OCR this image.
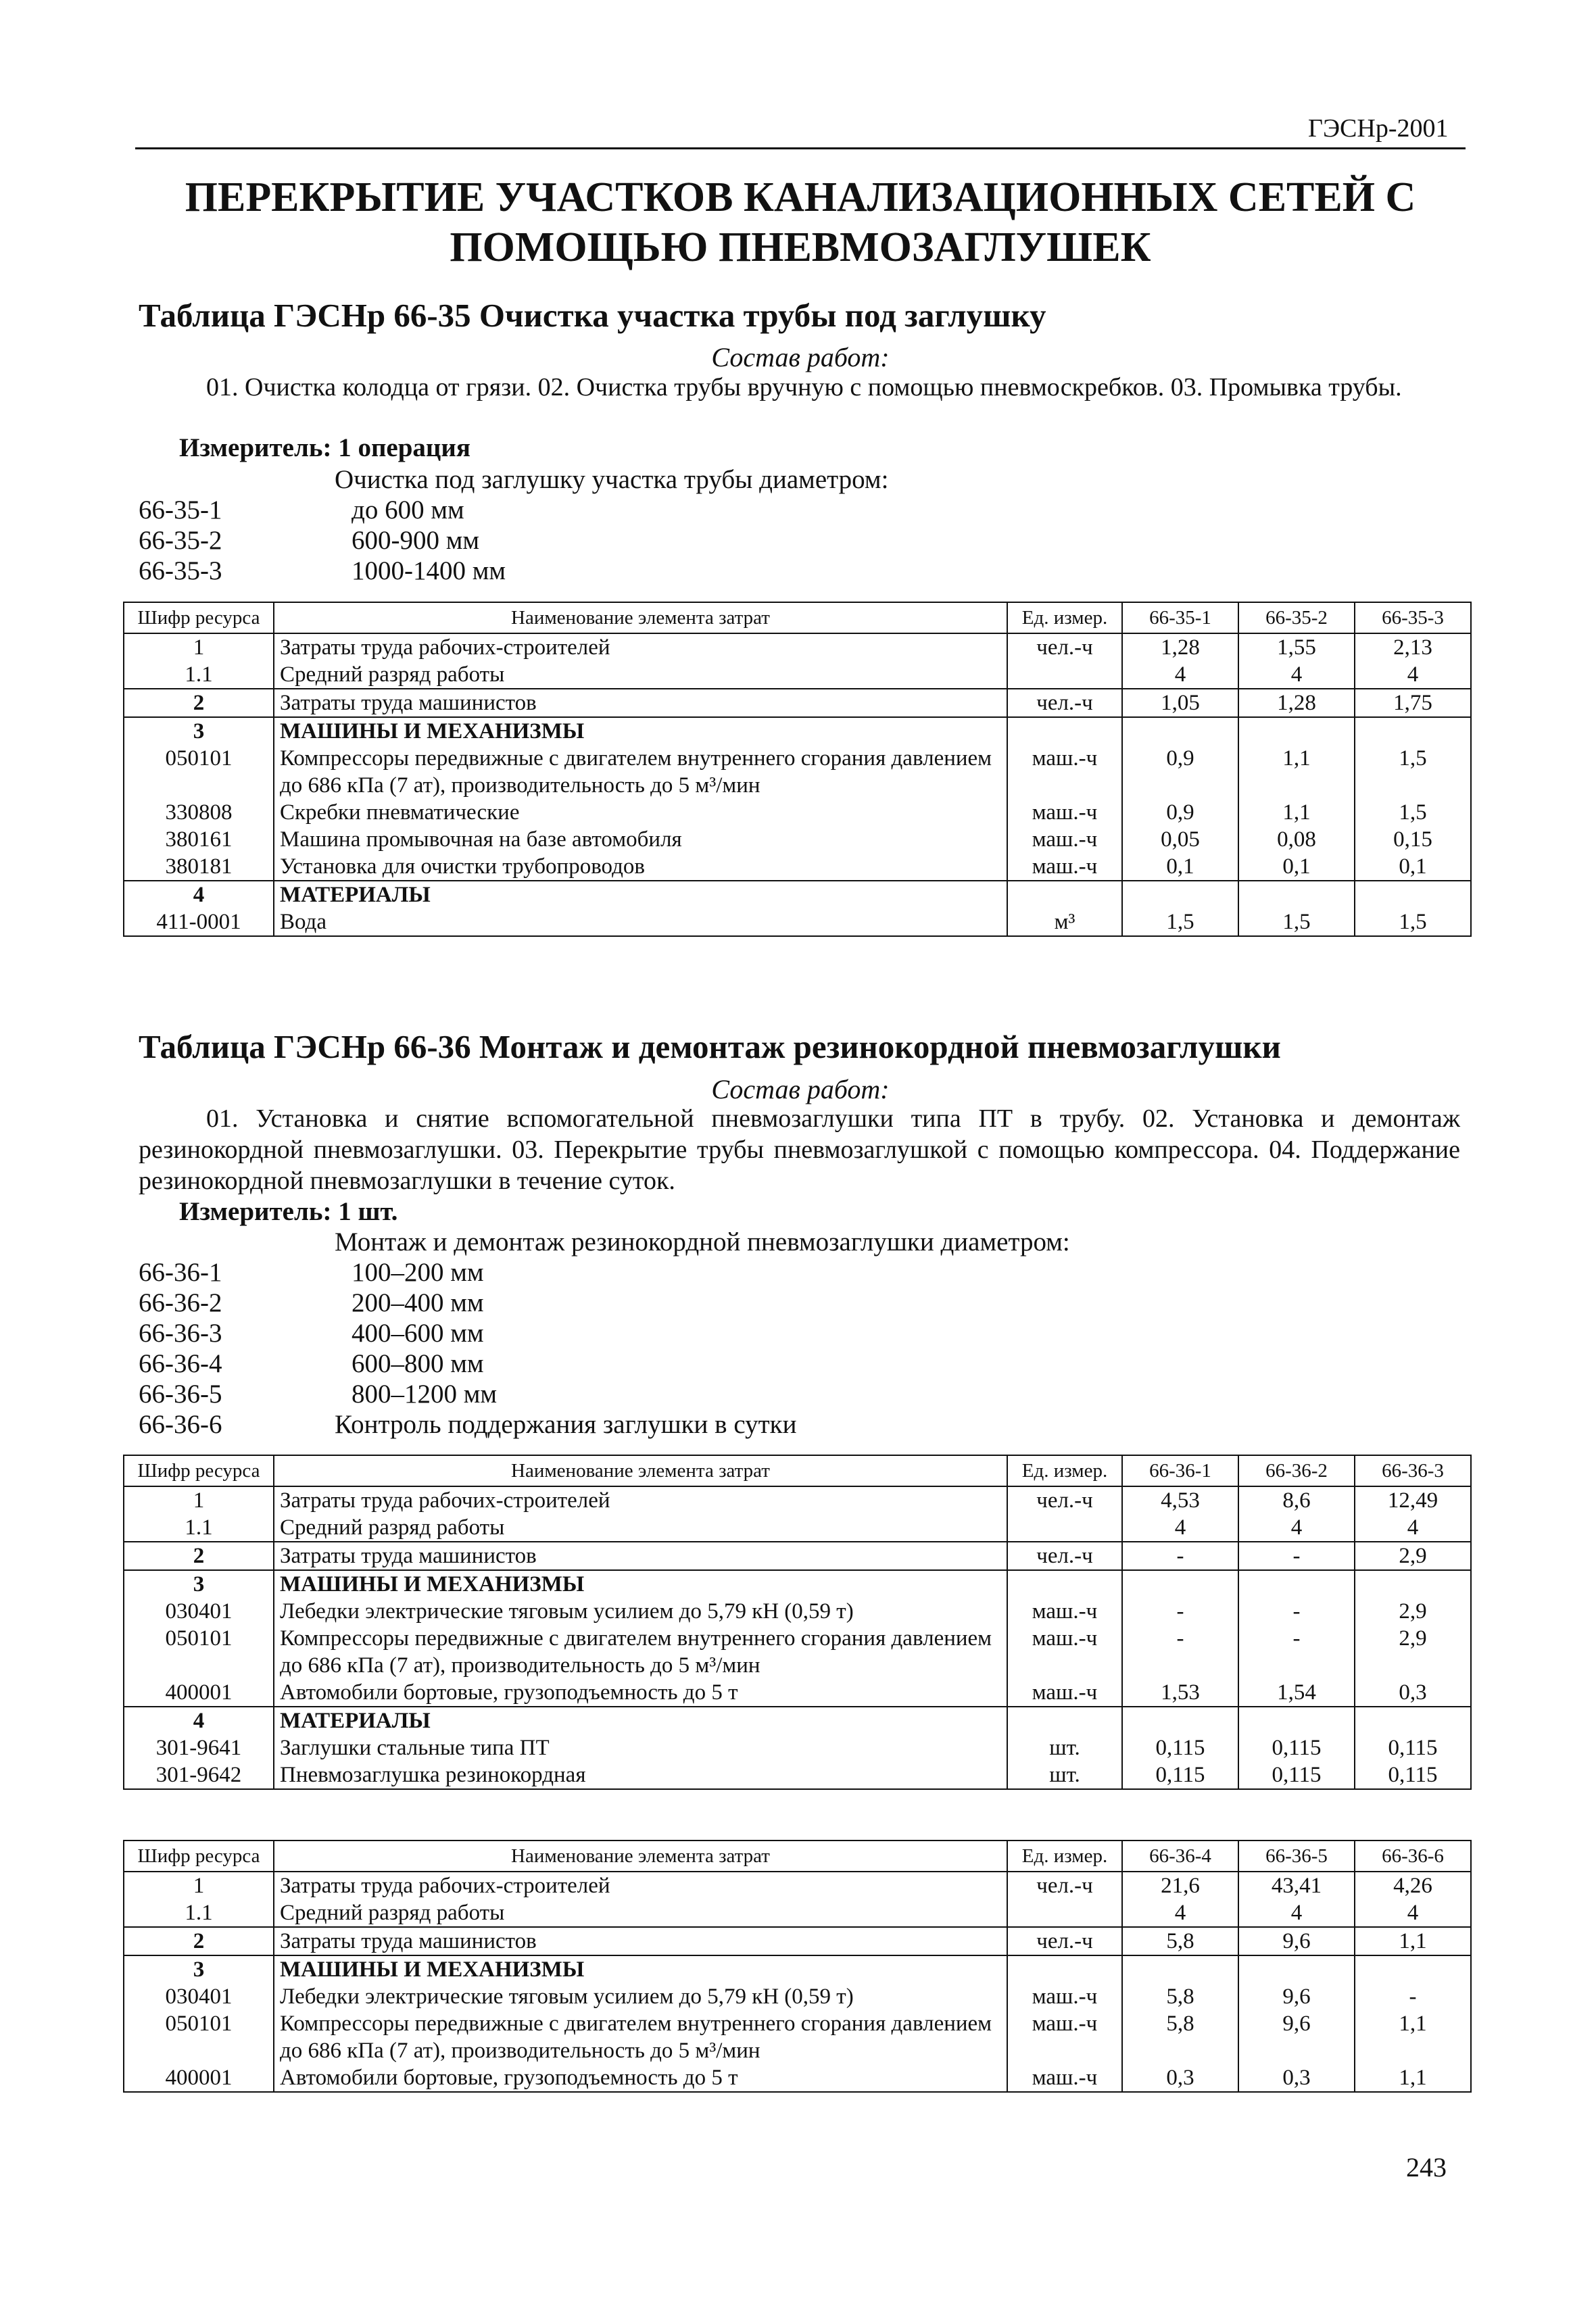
ГЭСНр-2001
ПЕРЕКРЫТИЕ УЧАСТКОВ КАНАЛИЗАЦИОННЫХ СЕТЕЙ С
ПОМОЩЬЮ ПНЕВМОЗАГЛУШЕК
Таблица ГЭСНр 66-35 Очистка участка трубы под заглушку
Состав работ:
01. Очистка колодца от грязи. 02. Очистка трубы вручную с помощью пневмоскребков. 03. Промывка трубы.
Измеритель: 1 операция
Очистка под заглушку участка трубы диаметром:
66-35-1	до 600 мм
66-35-2	600-900 мм
66-35-3	1000-1400 мм
Шифр ресурса	Наименование элемента затрат	Ед. измер.	66-35-1	66-35-2	66-35-3
1	Затраты труда рабочих-строителей	чел.-ч	1,28	1,55	2,13
1.1	Средний разряд работы		4	4	4
2	Затраты труда машинистов	чел.-ч	1,05	1,28	1,75
3	МАШИНЫ И МЕХАНИЗМЫ				
050101	Компрессоры передвижные с двигателем внутреннего сгорания давлением до 686 кПа (7 ат), производительность до 5 м³/мин	маш.-ч	0,9	1,1	1,5
330808	Скребки пневматические	маш.-ч	0,9	1,1	1,5
380161	Машина промывочная на базе автомобиля	маш.-ч	0,05	0,08	0,15
380181	Установка для очистки трубопроводов	маш.-ч	0,1	0,1	0,1
4	МАТЕРИАЛЫ				
411-0001	Вода	м³	1,5	1,5	1,5
Таблица ГЭСНр 66-36 Монтаж и демонтаж резинокордной пневмозаглушки
Состав работ:
01. Установка и снятие вспомогательной пневмозаглушки типа ПТ в трубу. 02. Установка и демонтаж резинокордной пневмозаглушки. 03. Перекрытие трубы пневмозаглушкой с помощью компрессора. 04. Поддержание резинокордной пневмозаглушки в течение суток.
Измеритель: 1 шт.
Монтаж и демонтаж резинокордной пневмозаглушки диаметром:
66-36-1	100–200 мм
66-36-2	200–400 мм
66-36-3	400–600 мм
66-36-4	600–800 мм
66-36-5	800–1200 мм
66-36-6	Контроль поддержания заглушки в сутки
Шифр ресурса	Наименование элемента затрат	Ед. измер.	66-36-1	66-36-2	66-36-3
1	Затраты труда рабочих-строителей	чел.-ч	4,53	8,6	12,49
1.1	Средний разряд работы		4	4	4
2	Затраты труда машинистов	чел.-ч	-	-	2,9
3	МАШИНЫ И МЕХАНИЗМЫ				
030401	Лебедки электрические тяговым усилием до 5,79 кН (0,59 т)	маш.-ч	-	-	2,9
050101	Компрессоры передвижные с двигателем внутреннего сгорания давлением до 686 кПа (7 ат), производительность до 5 м³/мин	маш.-ч	-	-	2,9
400001	Автомобили бортовые, грузоподъемность до 5 т	маш.-ч	1,53	1,54	0,3
4	МАТЕРИАЛЫ				
301-9641	Заглушки стальные типа ПТ	шт.	0,115	0,115	0,115
301-9642	Пневмозаглушка резинокордная	шт.	0,115	0,115	0,115
Шифр ресурса	Наименование элемента затрат	Ед. измер.	66-36-4	66-36-5	66-36-6
1	Затраты труда рабочих-строителей	чел.-ч	21,6	43,41	4,26
1.1	Средний разряд работы		4	4	4
2	Затраты труда машинистов	чел.-ч	5,8	9,6	1,1
3	МАШИНЫ И МЕХАНИЗМЫ				
030401	Лебедки электрические тяговым усилием до 5,79 кН (0,59 т)	маш.-ч	5,8	9,6	-
050101	Компрессоры передвижные с двигателем внутреннего сгорания давлением до 686 кПа (7 ат), производительность до 5 м³/мин	маш.-ч	5,8	9,6	1,1
400001	Автомобили бортовые, грузоподъемность до 5 т	маш.-ч	0,3	0,3	1,1
243
